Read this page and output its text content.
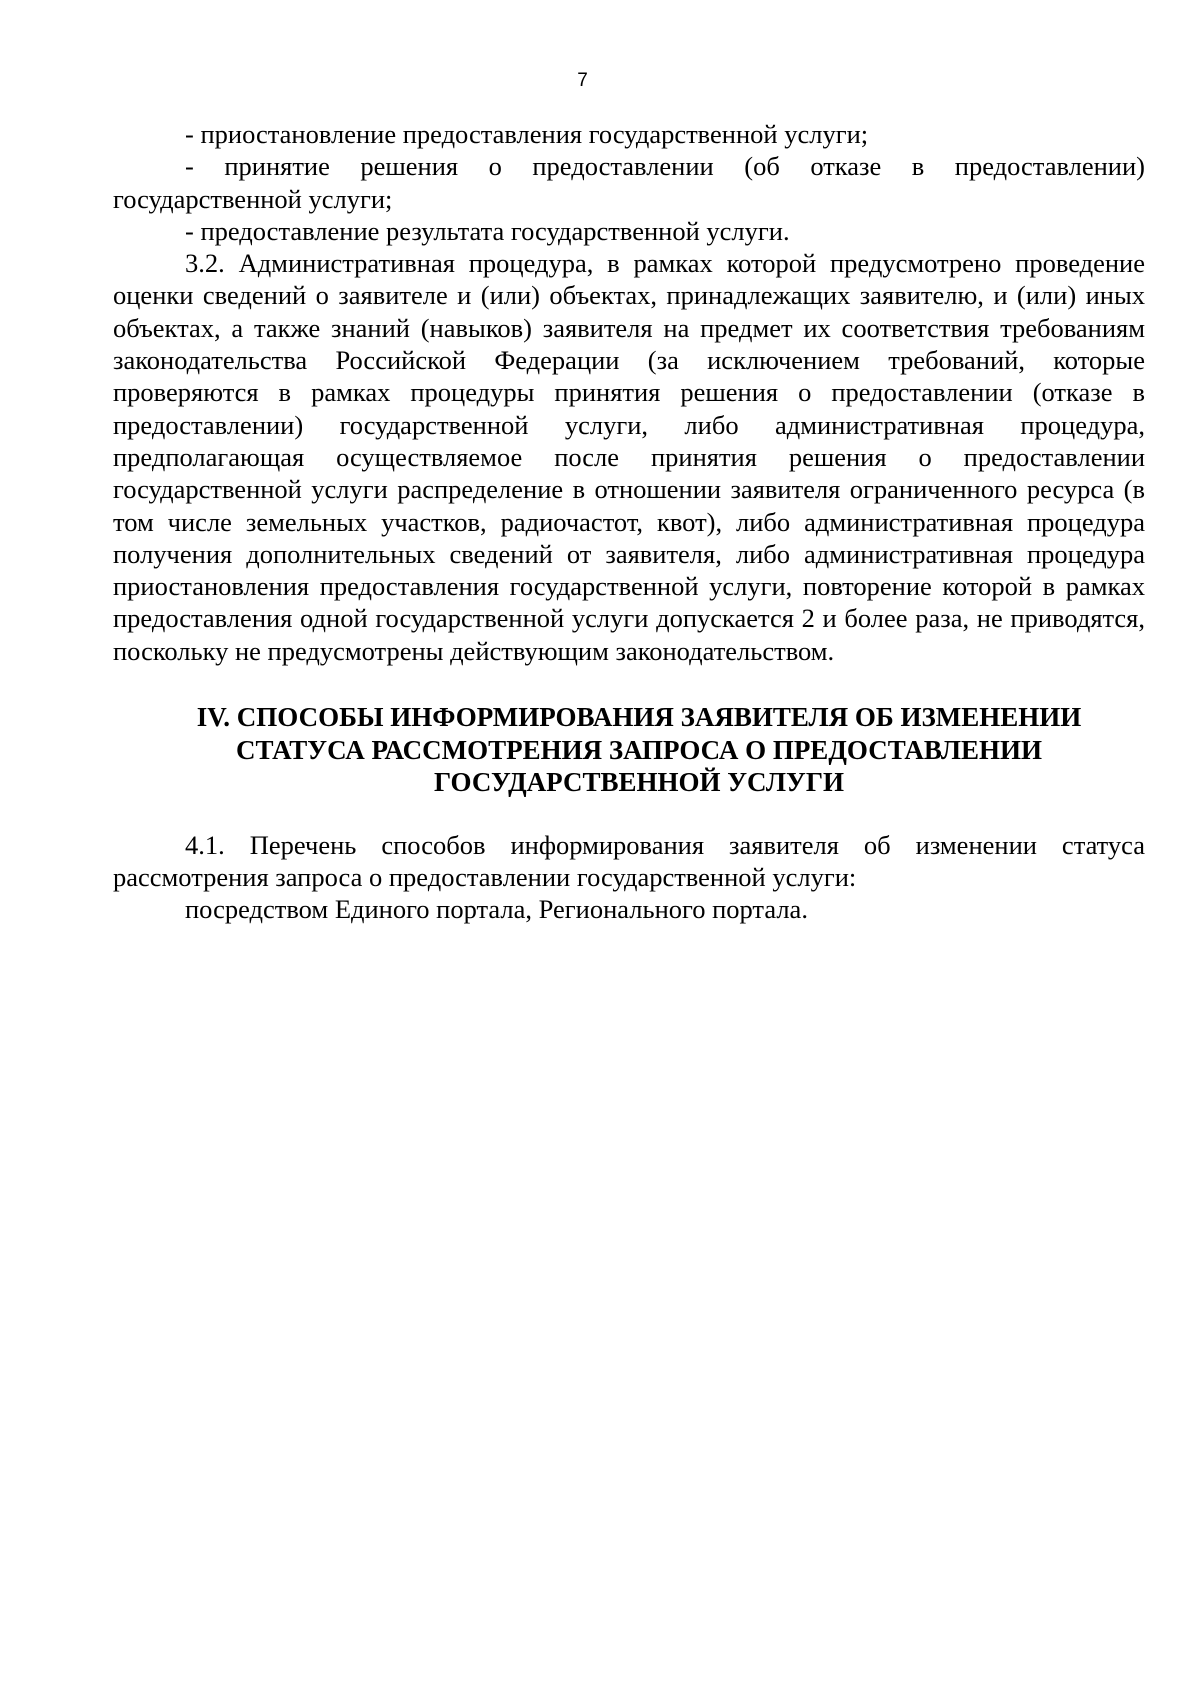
7

- приостановление предоставления государственной услуги;

- принятие решения о предоставлении (об отказе в предоставлении) государственной услуги;

- предоставление результата государственной услуги.

3.2. Административная процедура, в рамках которой предусмотрено проведение оценки сведений о заявителе и (или) объектах, принадлежащих заявителю, и (или) иных объектах, а также знаний (навыков) заявителя на предмет их соответствия требованиям законодательства Российской Федерации (за исключением требований, которые проверяются в рамках процедуры принятия решения о предоставлении (отказе в предоставлении) государственной услуги, либо административная процедура, предполагающая осуществляемое после принятия решения о предоставлении государственной услуги распределение в отношении заявителя ограниченного ресурса (в том числе земельных участков, радиочастот, квот), либо административная процедура получения дополнительных сведений от заявителя, либо административная процедура приостановления предоставления государственной услуги, повторение которой в рамках предоставления одной государственной услуги допускается 2 и более раза, не приводятся, поскольку не предусмотрены действующим законодательством.

IV. СПОСОБЫ ИНФОРМИРОВАНИЯ ЗАЯВИТЕЛЯ ОБ ИЗМЕНЕНИИ
СТАТУСА РАССМОТРЕНИЯ ЗАПРОСА О ПРЕДОСТАВЛЕНИИ
ГОСУДАРСТВЕННОЙ УСЛУГИ

4.1. Перечень способов информирования заявителя об изменении статуса рассмотрения запроса о предоставлении государственной услуги:

посредством Единого портала, Регионального портала.
